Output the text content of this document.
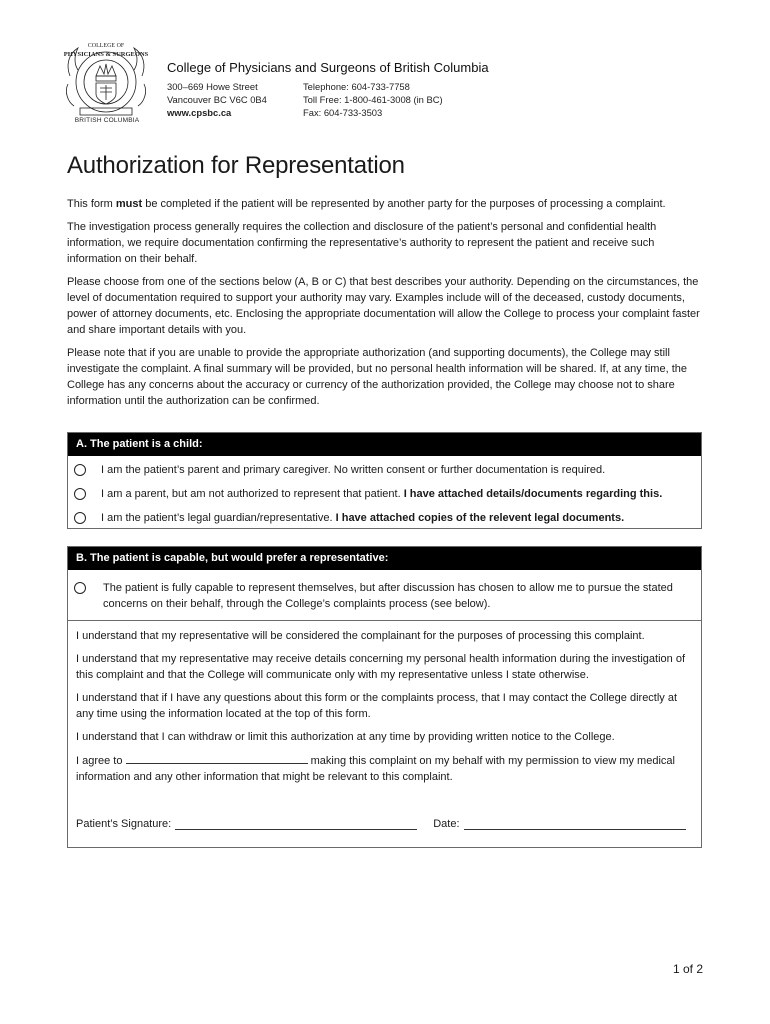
COLLEGE OF
PHYSICIANS & SURGEONS
BRITISH COLUMBIA
College of Physicians and Surgeons of British Columbia
300–669 Howe Street
Vancouver BC V6C 0B4
www.cpsbc.ca
Telephone: 604-733-7758
Toll Free: 1-800-461-3008 (in BC)
Fax: 604-733-3503
Authorization for Representation

This form must be completed if the patient will be represented by another party for the purposes of processing a complaint.

The investigation process generally requires the collection and disclosure of the patient’s personal and confidential health information, we require documentation confirming the representative’s authority to represent the patient and receive such information on their behalf.

Please choose from one of the sections below (A, B or C) that best describes your authority. Depending on the circumstances, the level of documentation required to support your authority may vary. Examples include will of the deceased, custody documents, power of attorney documents, etc. Enclosing the appropriate documentation will allow the College to process your complaint faster and share important details with you.

Please note that if you are unable to provide the appropriate authorization (and supporting documents), the College may still investigate the complaint. A final summary will be provided, but no personal health information will be shared. If, at any time, the College has any concerns about the accuracy or currency of the authorization provided, the College may choose not to share information until the authorization can be confirmed.

A. The patient is a child:
I am the patient’s parent and primary caregiver. No written consent or further documentation is required.
I am a parent, but am not authorized to represent that patient. I have attached details/documents regarding this.
I am the patient’s legal guardian/representative. I have attached copies of the relevent legal documents.
B. The patient is capable, but would prefer a representative:
The patient is fully capable to represent themselves, but after discussion has chosen to allow me to pursue the stated concerns on their behalf, through the College’s complaints process (see below).

I understand that my representative will be considered the complainant for the purposes of processing this complaint.

I understand that my representative may receive details concerning my personal health information during the investigation of this complaint and that the College will communicate only with my representative unless I state otherwise.

I understand that if I have any questions about this form or the complaints process, that I may contact the College directly at any time using the information located at the top of this form.

I understand that I can withdraw or limit this authorization at any time by providing written notice to the College.

I agree to	making this complaint on my behalf with my permission to view my medical information and any other information that might be relevant to this complaint.

Patient’s Signature:	Date:
1 of 2
